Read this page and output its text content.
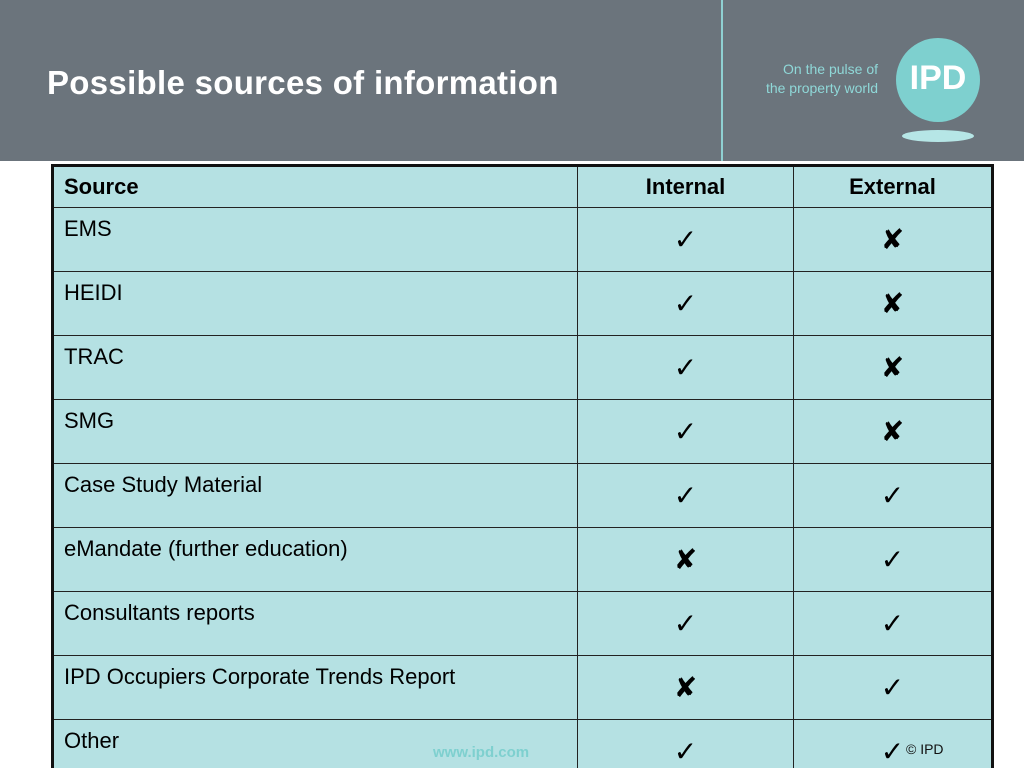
Possible sources of information	On the pulse of
the property world IPD
Source	Internal	External
EMS	✓	✘
HEIDI	✓	✘
TRAC	✓	✘
SMG	✓	✘
Case Study Material	✓	✓
eMandate (further education)	✘	✓
Consultants reports	✓	✓
IPD Occupiers Corporate Trends Report	✘	✓
Other	✓	✓
www.ipd.com	© IPD
